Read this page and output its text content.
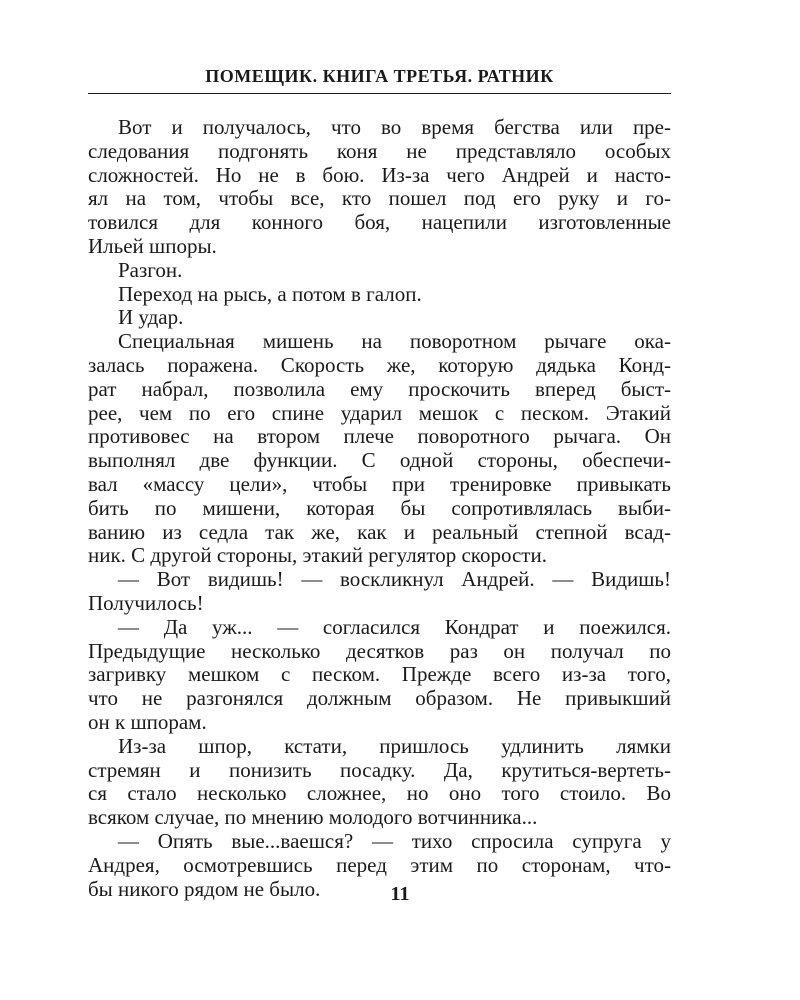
ПОМЕЩИК. КНИГА ТРЕТЬЯ. РАТНИК
Вот и получалось, что во время бегства или пре-
следования подгонять коня не представляло особых
сложностей. Но не в бою. Из-за чего Андрей и насто-
ял на том, чтобы все, кто пошел под его руку и го-
товился для конного боя, нацепили изготовленные
Ильей шпоры.
Разгон.
Переход на рысь, а потом в галоп.
И удар.
Специальная мишень на поворотном рычаге ока-
залась поражена. Скорость же, которую дядька Конд-
рат набрал, позволила ему проскочить вперед быст-
рее, чем по его спине ударил мешок с песком. Этакий
противовес на втором плече поворотного рычага. Он
выполнял две функции. С одной стороны, обеспечи-
вал «массу цели», чтобы при тренировке привыкать
бить по мишени, которая бы сопротивлялась выби-
ванию из седла так же, как и реальный степной всад-
ник. С другой стороны, этакий регулятор скорости.
— Вот видишь! — воскликнул Андрей. — Видишь!
Получилось!
— Да уж... — согласился Кондрат и поежился.
Предыдущие несколько десятков раз он получал по
загривку мешком с песком. Прежде всего из-за того,
что не разгонялся должным образом. Не привыкший
он к шпорам.
Из-за шпор, кстати, пришлось удлинить лямки
стремян и понизить посадку. Да, крутиться-вертеть-
ся стало несколько сложнее, но оно того стоило. Во
всяком случае, по мнению молодого вотчинника...
— Опять вые...ваешся? — тихо спросила супруга у
Андрея, осмотревшись перед этим по сторонам, что-
бы никого рядом не было.	11
